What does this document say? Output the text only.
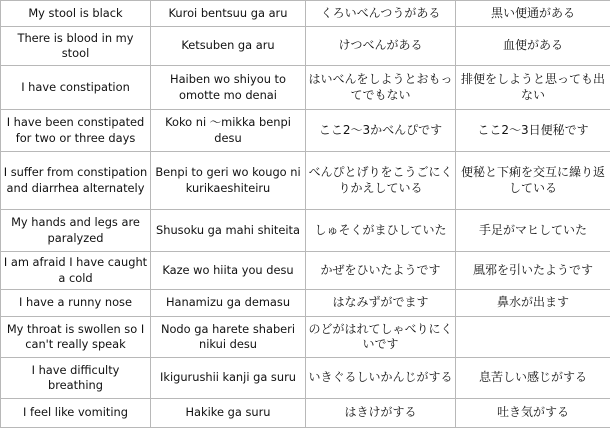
My stool is black	Kuroi bentsuu ga aru	くろいべんつうがある	黒い便通がある
There is blood in my stool	Ketsuben ga aru	けつべんがある	血便がある
I have constipation	Haiben wo shiyou to omotte mo denai	はいべんをしようとおもってでもない	排便をしようと思っても出ない
I have been constipated for two or three days	Koko ni 〜mikka benpi desu	ここ2〜3かべんぴです	ここ2〜3日便秘です
I suffer from constipation and diarrhea alternately	Benpi to geri wo kougo ni kurikaeshiteiru	べんぴとげりをこうごにくりかえしている	便秘と下痢を交互に繰り返している
My hands and legs are paralyzed	Shusoku ga mahi shiteita	しゅそくがまひしていた	手足がマヒしていた
I am afraid I have caught a cold	Kaze wo hiita you desu	かぜをひいたようです	風邪を引いたようです
I have a runny nose	Hanamizu ga demasu	はなみずがでます	鼻水が出ます
My throat is swollen so I can't really speak	Nodo ga harete shaberi nikui desu	のどがはれてしゃべりにくいです	
I have difficulty breathing	Ikigurushii kanji ga suru	いきぐるしいかんじがする	息苦しい感じがする
I feel like vomiting	Hakike ga suru	はきけがする	吐き気がする
